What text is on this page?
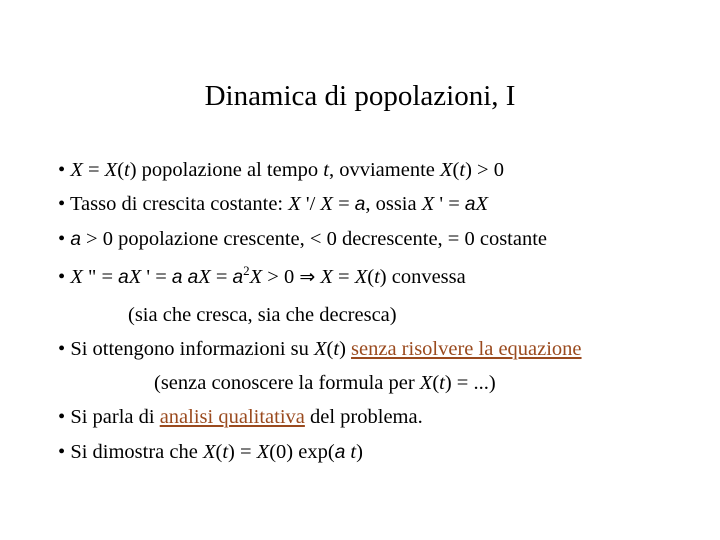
Dinamica di popolazioni, I
• X = X(t) popolazione al tempo t, ovviamente X(t) > 0
• Tasso di crescita costante: X '/ X = a, ossia X ' = aX
• a > 0 popolazione crescente, < 0 decrescente, = 0 costante
• X " = aX ' = a aX = $a^2X > 0$ ⇒ X = X(t) convessa
(sia che cresca, sia che decresca)
• Si ottengono informazioni su X(t) senza risolvere la equazione
(senza conoscere la formula per X(t) = ...)
• Si parla di analisi qualitativa del problema.
• Si dimostra che X(t) = X(0) exp(a t)
